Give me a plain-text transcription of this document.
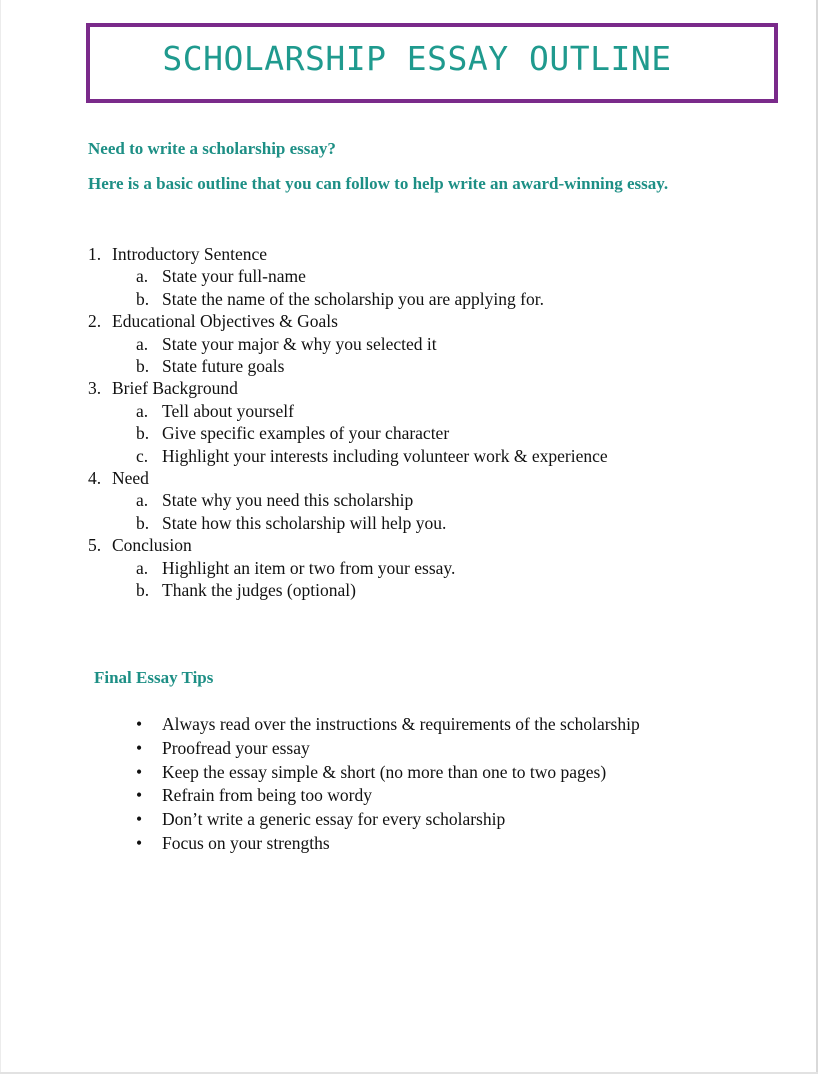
SCHOLARSHIP ESSAY OUTLINE
Need to write a scholarship essay?
Here is a basic outline that you can follow to help write an award-winning essay.
1. Introductory Sentence
a. State your full-name
b. State the name of the scholarship you are applying for.
2. Educational Objectives & Goals
a. State your major & why you selected it
b. State future goals
3. Brief Background
a. Tell about yourself
b. Give specific examples of your character
c. Highlight your interests including volunteer work & experience
4. Need
a. State why you need this scholarship
b. State how this scholarship will help you.
5. Conclusion
a. Highlight an item or two from your essay.
b. Thank the judges (optional)
Final Essay Tips
• Always read over the instructions & requirements of the scholarship
• Proofread your essay
• Keep the essay simple & short (no more than one to two pages)
• Refrain from being too wordy
• Don’t write a generic essay for every scholarship
• Focus on your strengths
